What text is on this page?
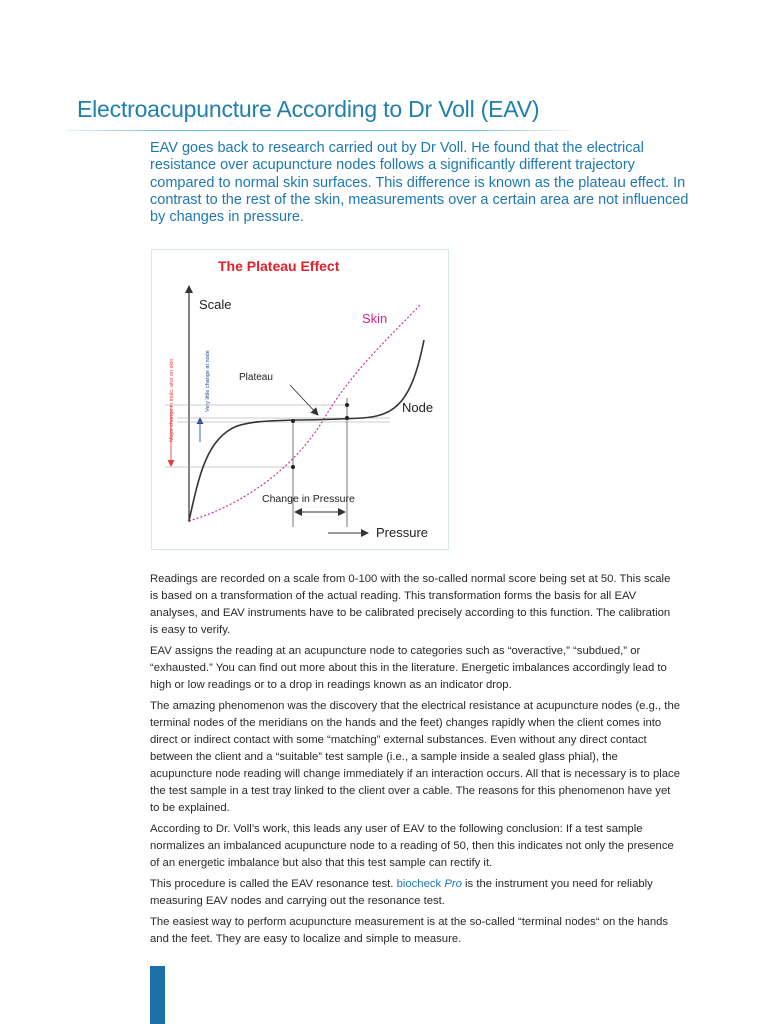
Electroacupuncture According to Dr Voll (EAV)

EAV goes back to research carried out by Dr Voll. He found that the electrical resistance over acupuncture nodes follows a significantly different trajectory compared to normal skin surfaces. This difference is known as the plateau effect. In contrast to the rest of the skin, measurements over a certain area are not influenced by changes in pressure.

The Plateau Effect
Scale
Pressure
Major change in indic. ator on skin	Very little change at node
Skin
Node
Plateau
Change in Pressure

Readings are recorded on a scale from 0-100 with the so-called normal score being set at 50. This scale is based on a transformation of the actual reading. This transformation forms the basis for all EAV analyses, and EAV instruments have to be calibrated precisely according to this function. The calibration is easy to verify.

EAV assigns the reading at an acupuncture node to categories such as “overactive,” “subdued,” or “exhausted.” You can find out more about this in the literature. Energetic imbalances accordingly lead to high or low readings or to a drop in readings known as an indicator drop.

The amazing phenomenon was the discovery that the electrical resistance at acupuncture nodes (e.g., the terminal nodes of the meridians on the hands and the feet) changes rapidly when the client comes into direct or indirect contact with some “matching” external substances. Even without any direct contact between the client and a “suitable” test sample (i.e., a sample inside a sealed glass phial), the acupuncture node reading will change immediately if an interaction occurs. All that is necessary is to place the test sample in a test tray linked to the client over a cable. The reasons for this phenomenon have yet to be explained.

According to Dr. Voll’s work, this leads any user of EAV to the following conclusion: If a test sample normalizes an imbalanced acupuncture node to a reading of 50, then this indicates not only the presence of an energetic imbalance but also that this test sample can rectify it.

This procedure is called the EAV resonance test. biocheck Pro is the instrument you need for reliably measuring EAV nodes and carrying out the resonance test.

The easiest way to perform acupuncture measurement is at the so-called “terminal nodes“ on the hands and the feet. They are easy to localize and simple to measure.
